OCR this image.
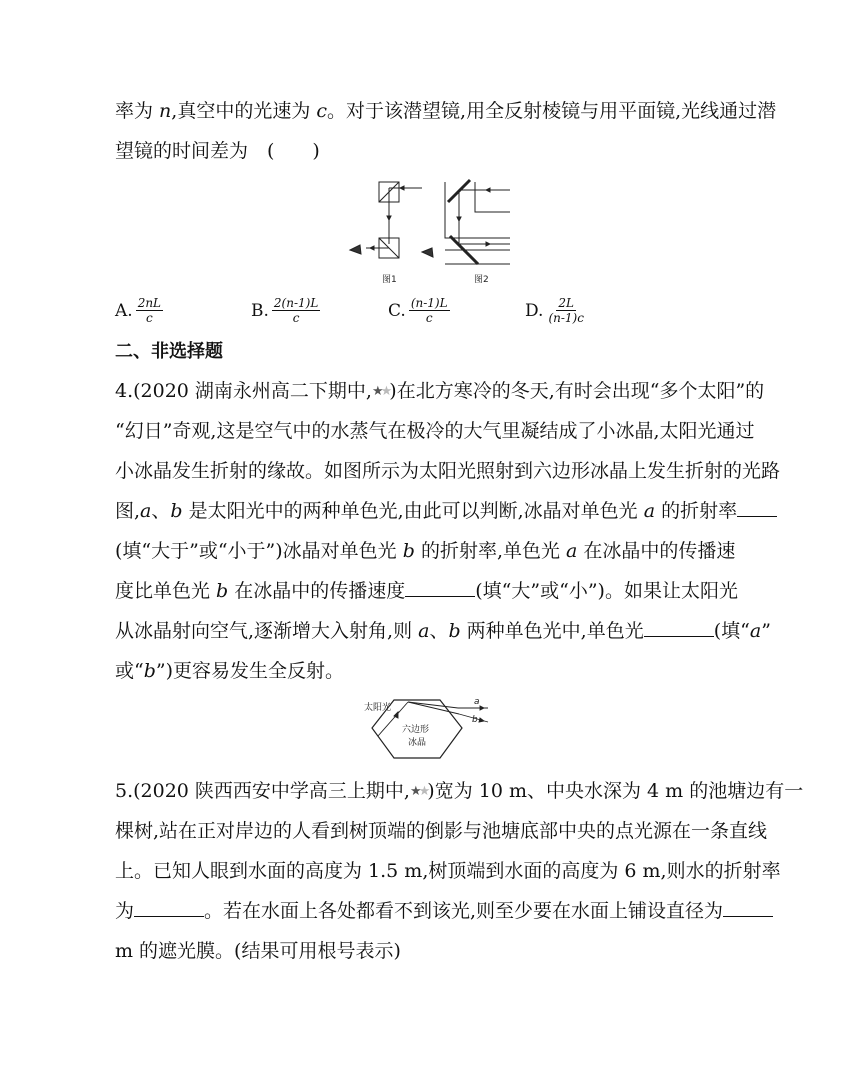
率为 n,真空中的光速为 c。对于该潜望镜,用全反射棱镜与用平面镜,光线通过潜
望镜的时间差为　(　　)
图1	图2
A. $\frac{2nL}{c}$	B. $\frac{2(n-1)L}{c}$	C. $\frac{(n-1)L}{c}$	D. $\frac{2L}{(n-1)c}$
二、非选择题
4.(2020 湖南永州高二下期中,★★)在北方寒冷的冬天,有时会出现“多个太阳”的
“幻日”奇观,这是空气中的水蒸气在极冷的大气里凝结成了小冰晶,太阳光通过
小冰晶发生折射的缘故。如图所示为太阳光照射到六边形冰晶上发生折射的光路
图,a、b 是太阳光中的两种单色光,由此可以判断,冰晶对单色光 a 的折射率
(填“大于”或“小于”)冰晶对单色光 b 的折射率,单色光 a 在冰晶中的传播速
度比单色光 b 在冰晶中的传播速度	(填“大”或“小”)。如果让太阳光
从冰晶射向空气,逐渐增大入射角,则 a、b 两种单色光中,单色光	(填“a”
或“b”)更容易发生全反射。
太阳光
六边形
冰晶
a
b
5.(2020 陕西西安中学高三上期中,★★)宽为 10 m、中央水深为 4 m 的池塘边有一
棵树,站在正对岸边的人看到树顶端的倒影与池塘底部中央的点光源在一条直线
上。已知人眼到水面的高度为 1.5 m,树顶端到水面的高度为 6 m,则水的折射率
为	。若在水面上各处都看不到该光,则至少要在水面上铺设直径为
m 的遮光膜。(结果可用根号表示)
